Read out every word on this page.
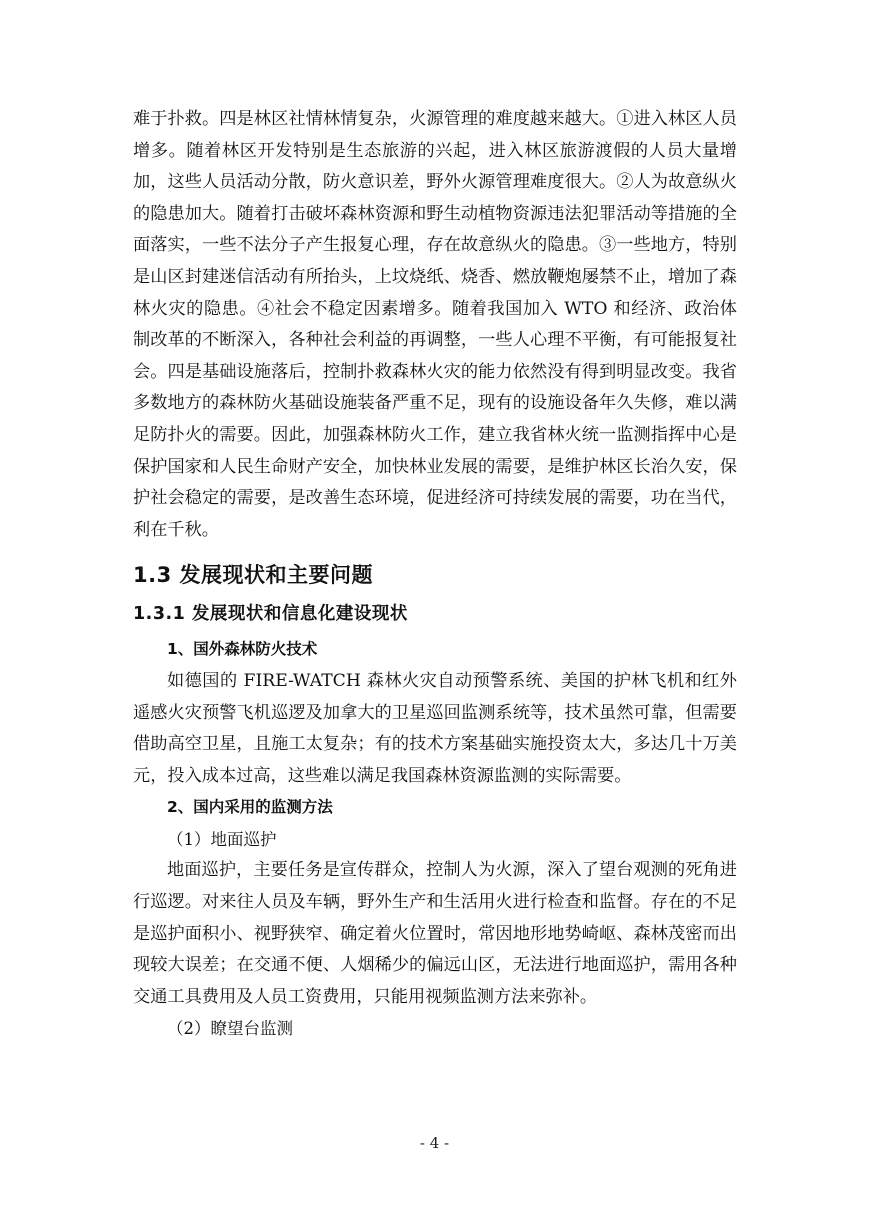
难于扑救。四是林区社情林情复杂，火源管理的难度越来越大。①进入林区人员增多。随着林区开发特别是生态旅游的兴起，进入林区旅游渡假的人员大量增加，这些人员活动分散，防火意识差，野外火源管理难度很大。②人为故意纵火的隐患加大。随着打击破坏森林资源和野生动植物资源违法犯罪活动等措施的全面落实，一些不法分子产生报复心理，存在故意纵火的隐患。③一些地方，特别是山区封建迷信活动有所抬头，上坟烧纸、烧香、燃放鞭炮屡禁不止，增加了森林火灾的隐患。④社会不稳定因素增多。随着我国加入 WTO 和经济、政治体制改革的不断深入，各种社会利益的再调整，一些人心理不平衡，有可能报复社会。四是基础设施落后，控制扑救森林火灾的能力依然没有得到明显改变。我省多数地方的森林防火基础设施装备严重不足，现有的设施设备年久失修，难以满足防扑火的需要。因此，加强森林防火工作，建立我省林火统一监测指挥中心是保护国家和人民生命财产安全，加快林业发展的需要，是维护林区长治久安，保护社会稳定的需要，是改善生态环境，促进经济可持续发展的需要，功在当代，利在千秋。

1.3 发展现状和主要问题
1.3.1 发展现状和信息化建设现状

1、国外森林防火技术

如德国的 FIRE-WATCH 森林火灾自动预警系统、美国的护林飞机和红外遥感火灾预警飞机巡逻及加拿大的卫星巡回监测系统等，技术虽然可靠，但需要借助高空卫星，且施工太复杂；有的技术方案基础实施投资太大，多达几十万美元，投入成本过高，这些难以满足我国森林资源监测的实际需要。

2、国内采用的监测方法

（1）地面巡护

地面巡护，主要任务是宣传群众，控制人为火源，深入了望台观测的死角进行巡逻。对来往人员及车辆，野外生产和生活用火进行检查和监督。存在的不足是巡护面积小、视野狭窄、确定着火位置时，常因地形地势崎岖、森林茂密而出现较大误差；在交通不便、人烟稀少的偏远山区，无法进行地面巡护，需用各种交通工具费用及人员工资费用，只能用视频监测方法来弥补。

（2）瞭望台监测

- 4 -
